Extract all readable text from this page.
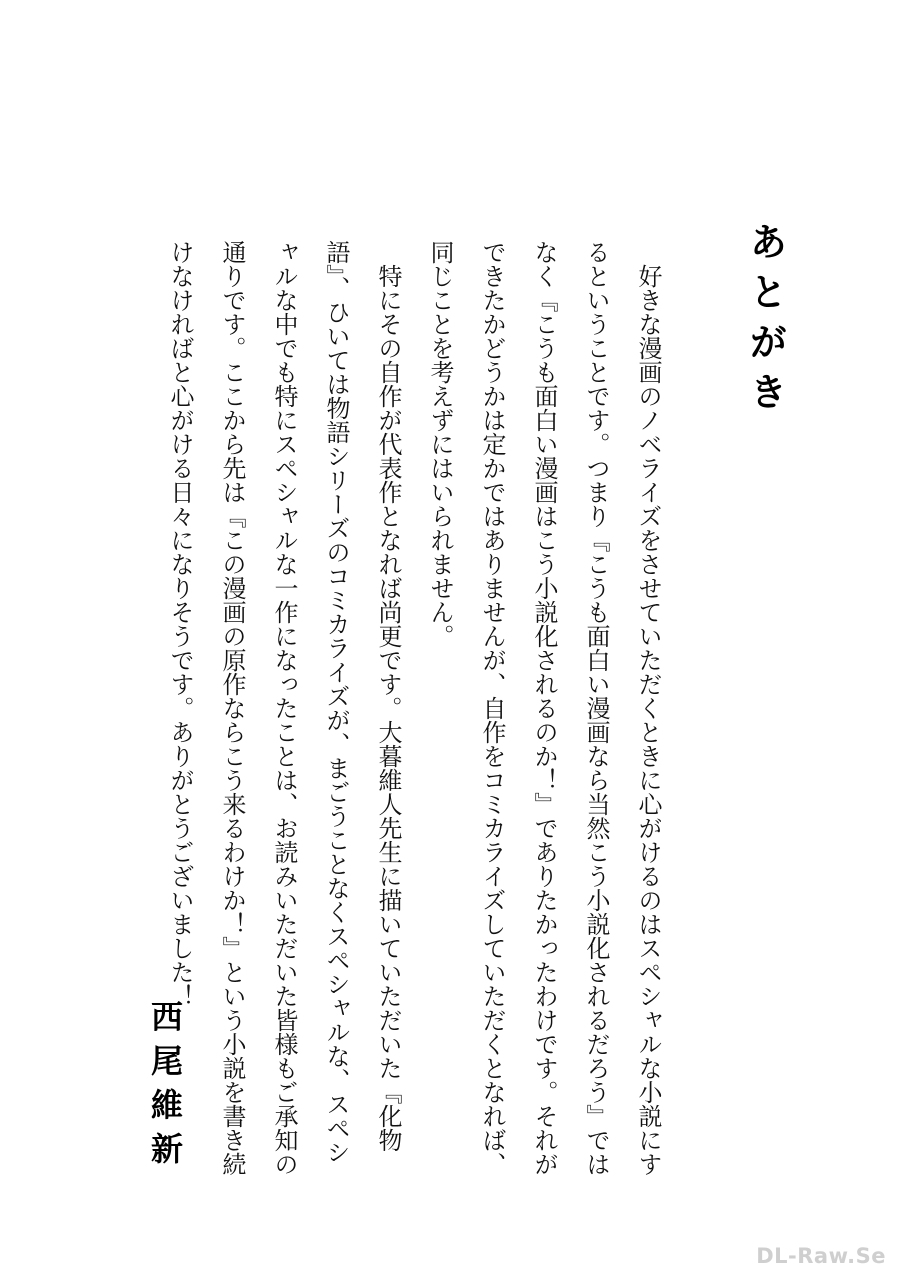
あとがき

好きな漫画のノベライズをさせていただくときに心がけるのはスペシャルな小説にするということです。つまり『こうも面白い漫画なら当然こう小説化されるだろう』ではなく『こうも面白い漫画はこう小説化されるのか！』でありたかったわけです。それができたかどうかは定かではありませんが、自作をコミカライズしていただくとなれば、同じことを考えずにはいられません。

特にその自作が代表作となれば尚更です。大暮維人先生に描いていただいた『化物語』、ひいては物語シリーズのコミカライズが、まごうことなくスペシャルな、スペシャルな中でも特にスペシャルな一作になったことは、お読みいただいた皆様もご承知の通りです。ここから先は『この漫画の原作ならこう来るわけか！』という小説を書き続けなければと心がける日々になりそうです。ありがとうございました！

西尾維新
DL-Raw.Se
